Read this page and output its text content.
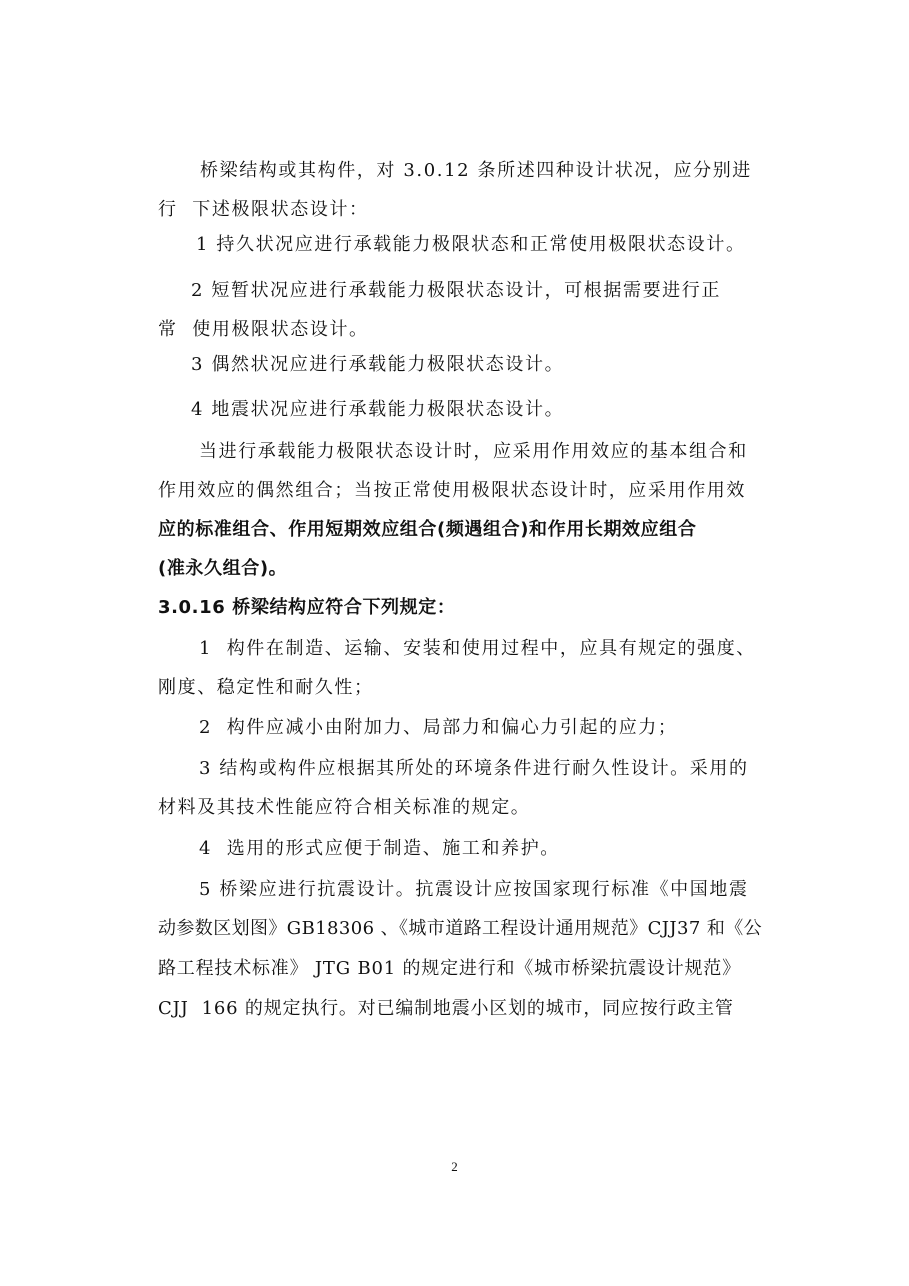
桥梁结构或其构件，对 3.0.12 条所述四种设计状况，应分别进
行  下述极限状态设计：
1 持久状况应进行承载能力极限状态和正常使用极限状态设计。
2 短暂状况应进行承载能力极限状态设计，可根据需要进行正
常  使用极限状态设计。
3 偶然状况应进行承载能力极限状态设计。
4 地震状况应进行承载能力极限状态设计。
当进行承载能力极限状态设计时，应采用作用效应的基本组合和
作用效应的偶然组合；当按正常使用极限状态设计时，应采用作用效
应的标准组合、作用短期效应组合(频遇组合)和作用长期效应组合
(准永久组合)。
3.0.16 桥梁结构应符合下列规定：
1  构件在制造、运输、安装和使用过程中，应具有规定的强度、
刚度、稳定性和耐久性；
2  构件应减小由附加力、局部力和偏心力引起的应力；
3 结构或构件应根据其所处的环境条件进行耐久性设计。采用的
材料及其技术性能应符合相关标准的规定。
4  选用的形式应便于制造、施工和养护。
5 桥梁应进行抗震设计。抗震设计应按国家现行标准《中国地震
动参数区划图》GB18306 、《城市道路工程设计通用规范》CJJ37 和《公
路工程技术标准》 JTG B01 的规定进行和《城市桥梁抗震设计规范》
CJJ  166 的规定执行。对已编制地震小区划的城市，同应按行政主管
2
